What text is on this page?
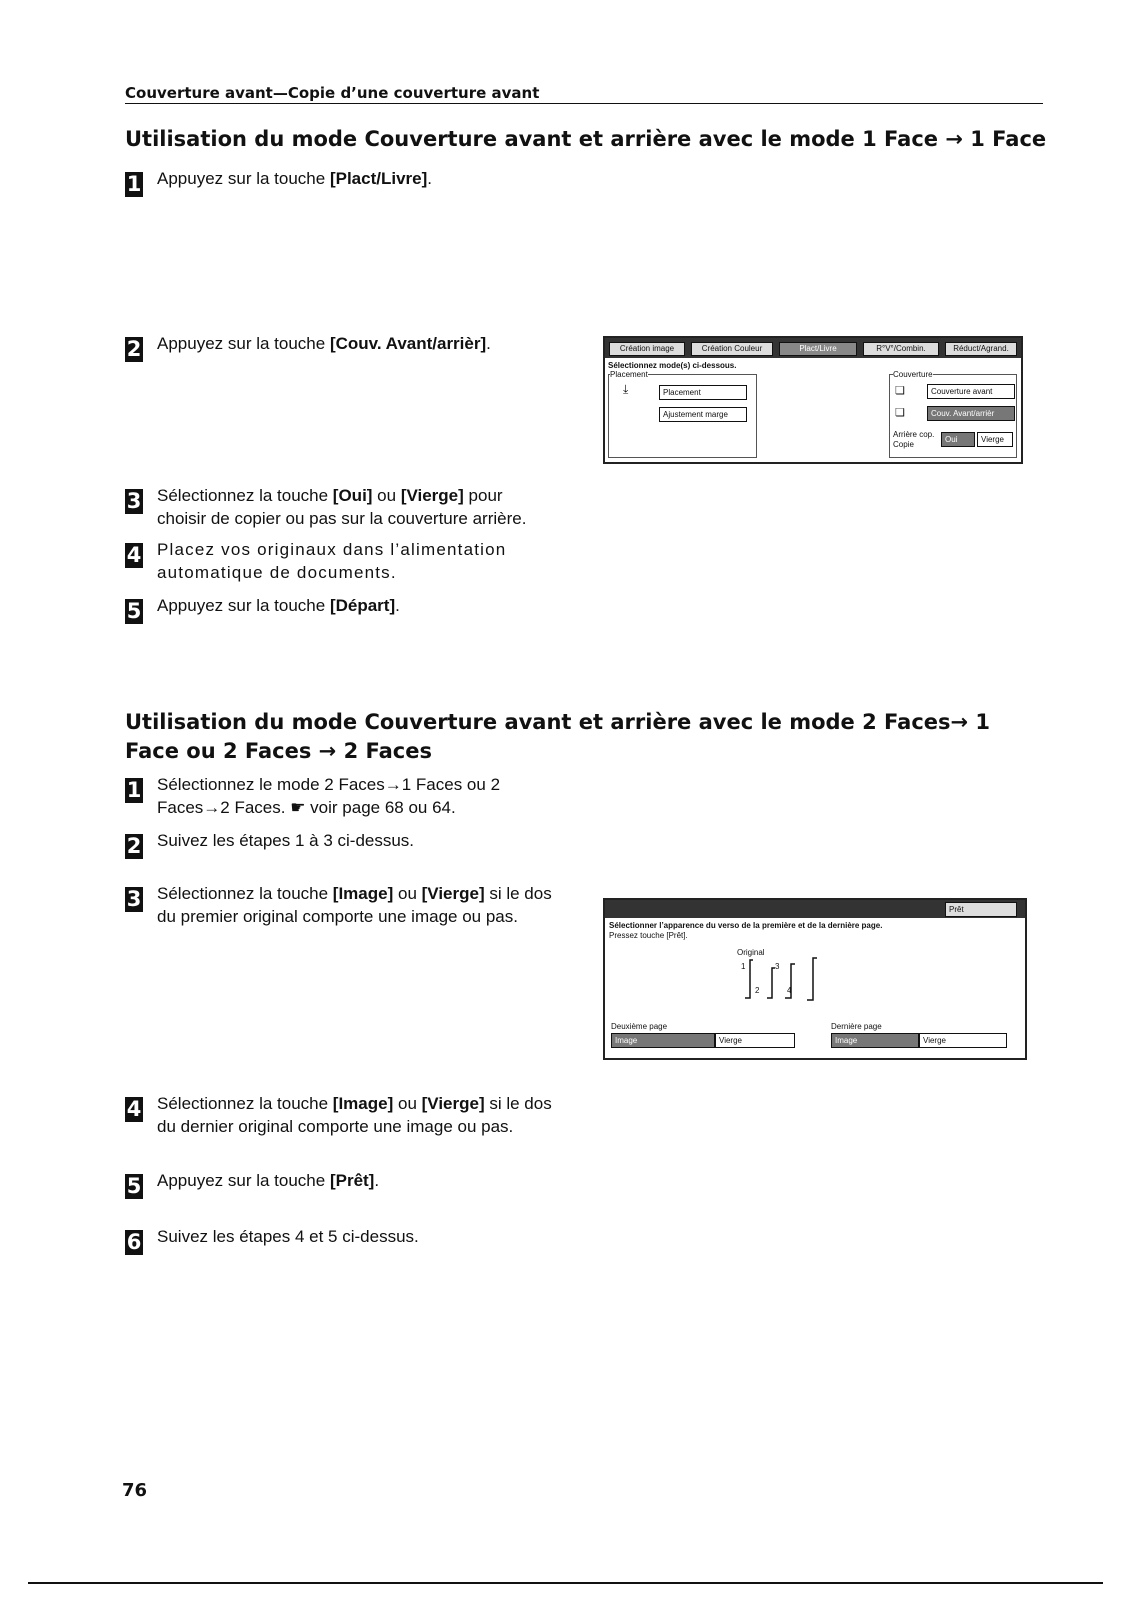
Couverture avant—Copie d’une couverture avant
Utilisation du mode Couverture avant et arrière avec le mode 1 Face → 1 Face
1 Appuyez sur la touche [Plact/Livre].
2 Appuyez sur la touche [Couv. Avant/arrièr].
3 Sélectionnez la touche [Oui] ou [Vierge] pour choisir de copier ou pas sur la couverture arrière.
4 Placez vos originaux dans l’alimentation automatique de documents.
5 Appuyez sur la touche [Départ].
Création image	Création Couleur	Plact/Livre	R°V°/Combin.	Réduct/Agrand.
Sélectionnez mode(s) ci-dessous.
Placement
⤓	Placement
Ajustement marge
Couverture
❏	Couverture avant
❏	Couv. Avant/arrièr
Arrière cop.
Copie
Oui	Vierge
Utilisation du mode Couverture avant et arrière avec le mode 2 Faces→ 1 Face ou 2 Faces → 2 Faces
1 Sélectionnez le mode 2 Faces→1 Faces ou 2 Faces→2 Faces. ☛ voir page 68 ou 64.
2 Suivez les étapes 1 à 3 ci-dessus.
3 Sélectionnez la touche [Image] ou [Vierge] si le dos du premier original comporte une image ou pas.
4 Sélectionnez la touche [Image] ou [Vierge] si le dos du dernier original comporte une image ou pas.
5 Appuyez sur la touche [Prêt].
6 Suivez les étapes 4 et 5 ci-dessus.
Prêt
Sélectionner l’apparence du verso de la première et de la dernière page.
Pressez touche [Prêt].
Original
1	3
2	4
Deuxième page
Image	Vierge
Dernière page
Image	Vierge
76
